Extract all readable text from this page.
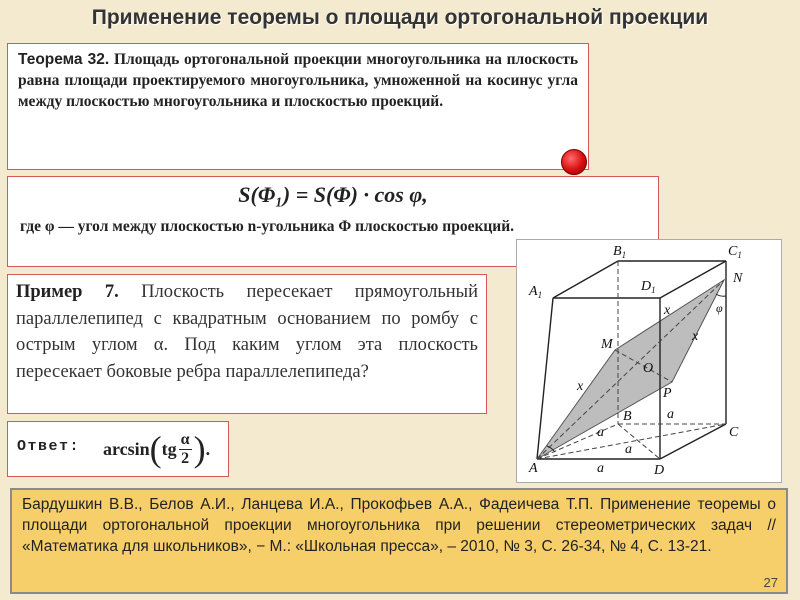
Применение теоремы о площади ортогональной проекции

Теорема 32. Площадь ортогональной проекции многоугольника на плоскость равна площади проектируемого многоугольника, умноженной на косинус угла между плоскостью многоугольника и плоскостью проекций.

S(Φ₁) = S(Φ) · cos φ,
где φ — угол между плоскостью n-угольника Φ плоскостью проекций.

Пример 7. Плоскость пересекает прямоугольный параллелепипед с квадратным основанием по ромбу с острым углом α. Под каким углом эта плоскость пересекает боковые ребра параллелепипеда?

Ответ: arcsin ( tg $\frac{\alpha}{2}$ ) .
$A_1$
$B_1$	$C_1$
$D_1$
N
M
O
P
B
C
A	D
x
x
x
a
a
a
a
φ
Бардушкин В.В., Белов А.И., Ланцева И.А., Прокофьев А.А., Фадеичева Т.П. Применение теоремы о площади ортогональной проекции многоугольника при решении стереометрических задач // «Математика для школьников», − М.: «Школьная пресса», – 2010, № 3, С. 26-34, № 4, С. 13-21.
27
